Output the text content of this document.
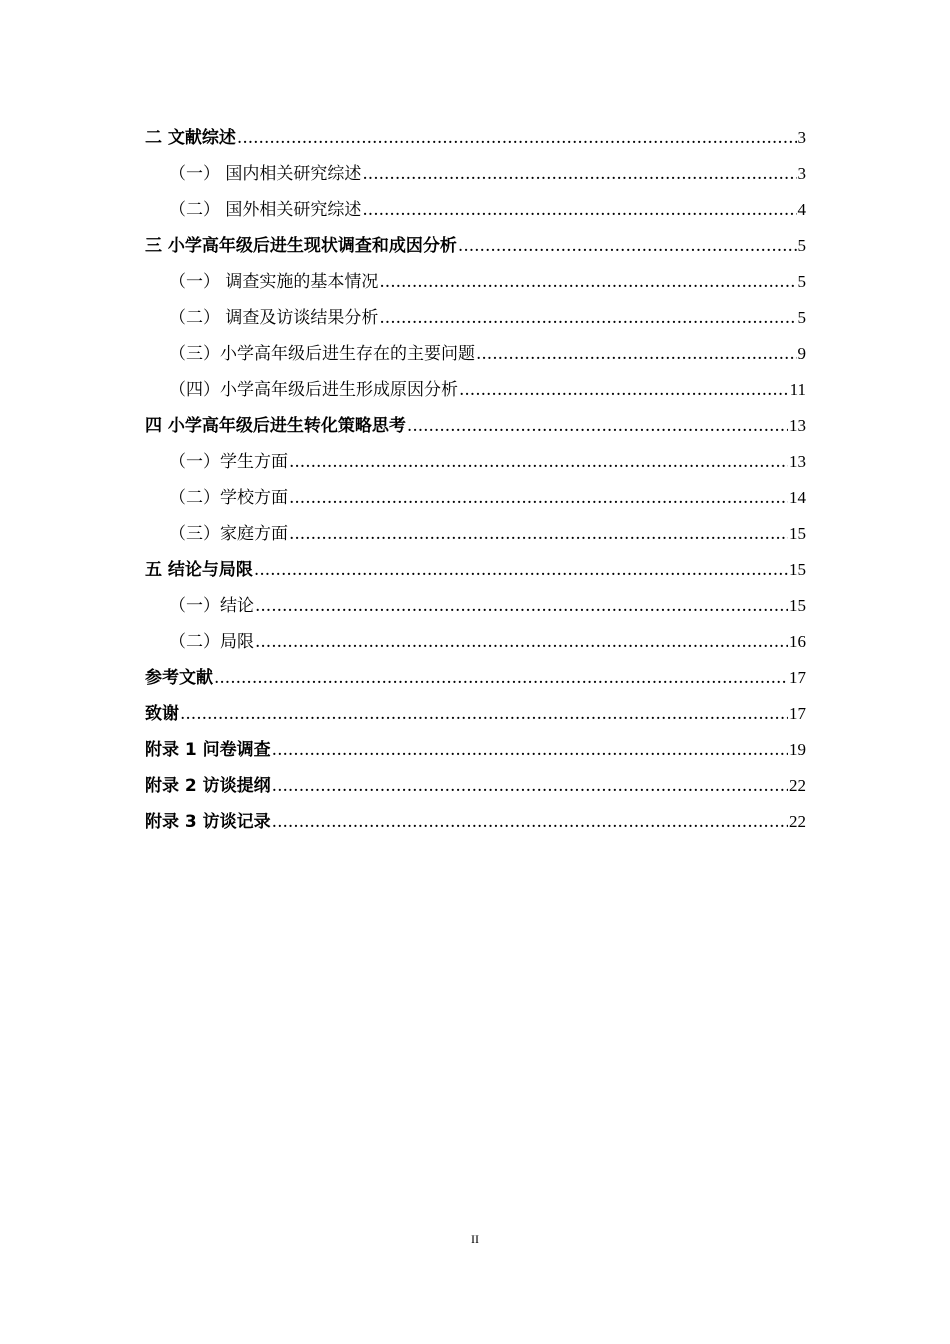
二 文献综述 .....	3
（一） 国内相关研究综述 .....	3
（二） 国外相关研究综述 .....	4
三 小学高年级后进生现状调查和成因分析 .....	5
（一） 调查实施的基本情况 .....	5
（二） 调查及访谈结果分析 .....	5
（三）小学高年级后进生存在的主要问题 .....	9
（四）小学高年级后进生形成原因分析 .....	11
四 小学高年级后进生转化策略思考 .....	13
（一）学生方面 .....	13
（二）学校方面 .....	14
（三）家庭方面 .....	15
五 结论与局限 .....	15
（一）结论 .....	15
（二）局限 .....	16
参考文献 .....	17
致谢 .....	17
附录 1 问卷调查 .....	19
附录 2 访谈提纲 .....	22
附录 3 访谈记录 .....	22
II
